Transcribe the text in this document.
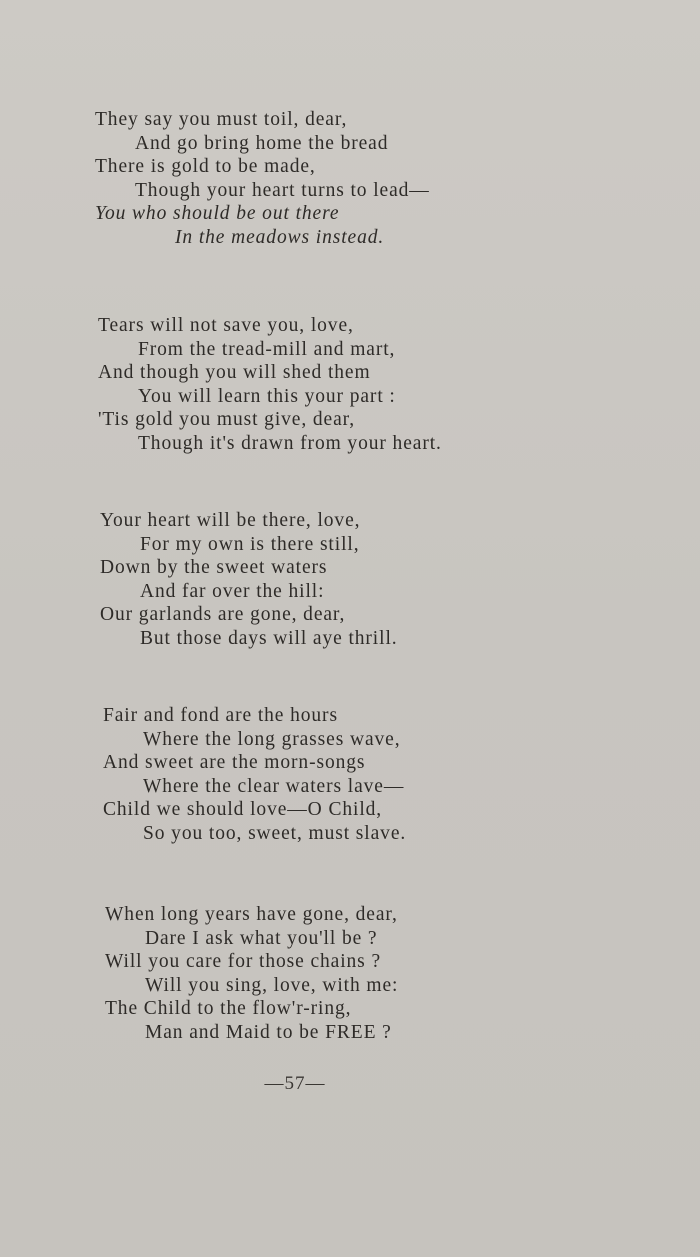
They say you must toil, dear,
And go bring home the bread
There is gold to be made,
Though your heart turns to lead—
You who should be out there
In the meadows instead.
Tears will not save you, love,
From the tread-mill and mart,
And though you will shed them
You will learn this your part :
'Tis gold you must give, dear,
Though it's drawn from your heart.
Your heart will be there, love,
For my own is there still,
Down by the sweet waters
And far over the hill:
Our garlands are gone, dear,
But those days will aye thrill.
Fair and fond are the hours
Where the long grasses wave,
And sweet are the morn-songs
Where the clear waters lave—
Child we should love—O Child,
So you too, sweet, must slave.
When long years have gone, dear,
Dare I ask what you'll be ?
Will you care for those chains ?
Will you sing, love, with me:
The Child to the flow'r-ring,
Man and Maid to be FREE ?
—57—
